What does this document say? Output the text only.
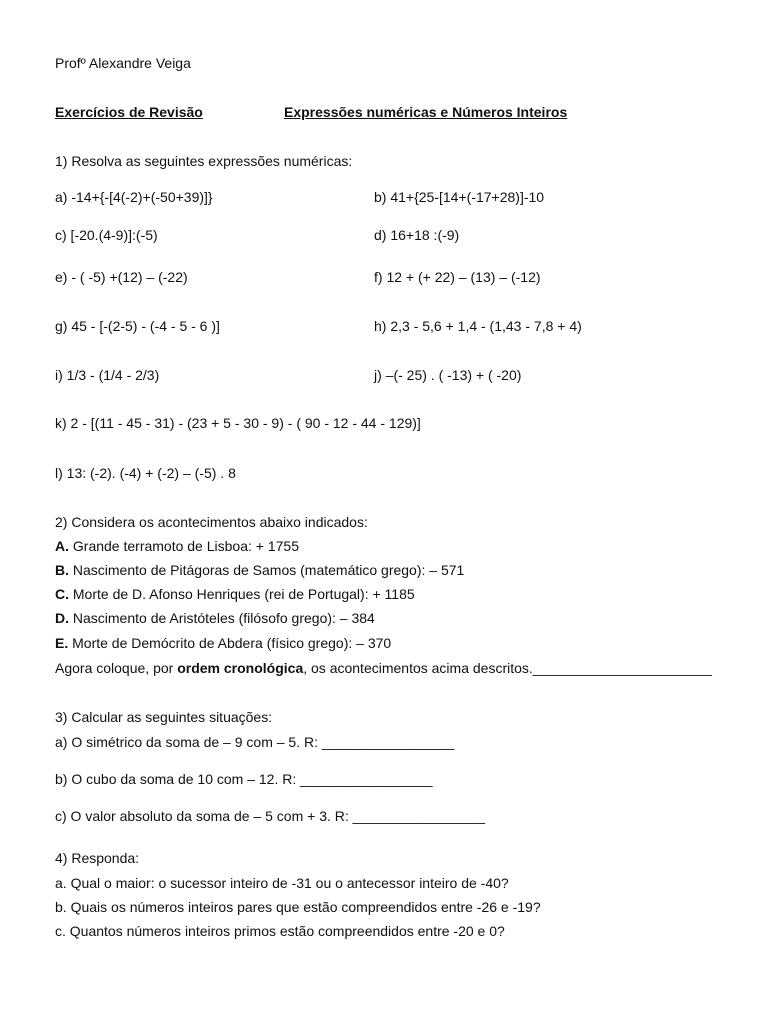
Profº Alexandre Veiga
Exercícios de Revisão	Expressões numéricas e Números Inteiros
1) Resolva as seguintes expressões numéricas:
a) -14+{-[4(-2)+(-50+39)]}	b) 41+{25-[14+(-17+28)]-10
c) [-20.(4-9)]:(-5)	d) 16+18 :(-9)
e) - ( -5) +(12) – (-22)	f) 12 + (+ 22) – (13) – (-12)
g) 45 - [-(2-5) - (-4 - 5 - 6 )]	h) 2,3 - 5,6 + 1,4 - (1,43 - 7,8 + 4)
i) 1/3 - (1/4 - 2/3)	j) –(- 25) . ( -13) + ( -20)
k) 2 - [(11 - 45 - 31) - (23 + 5 - 30 - 9) - ( 90 - 12 - 44 - 129)]
l) 13: (-2). (-4) + (-2) – (-5) . 8
2) Considera os acontecimentos abaixo indicados:
A. Grande terramoto de Lisboa: + 1755
B. Nascimento de Pitágoras de Samos (matemático grego): – 571
C. Morte de D. Afonso Henriques (rei de Portugal): + 1185
D. Nascimento de Aristóteles (filósofo grego): – 384
E. Morte de Demócrito de Abdera (físico grego): – 370
Agora coloque, por ordem cronológica, os acontecimentos acima descritos._______________________
3) Calcular as seguintes situações:
a) O simétrico da soma de – 9 com – 5. R: _________________
b) O cubo da soma de 10 com – 12. R: _________________
c) O valor absoluto da soma de – 5 com + 3. R: _________________
4) Responda:
a. Qual o maior: o sucessor inteiro de -31 ou o antecessor inteiro de -40?
b. Quais os números inteiros pares que estão compreendidos entre -26 e -19?
c. Quantos números inteiros primos estão compreendidos entre -20 e 0?
